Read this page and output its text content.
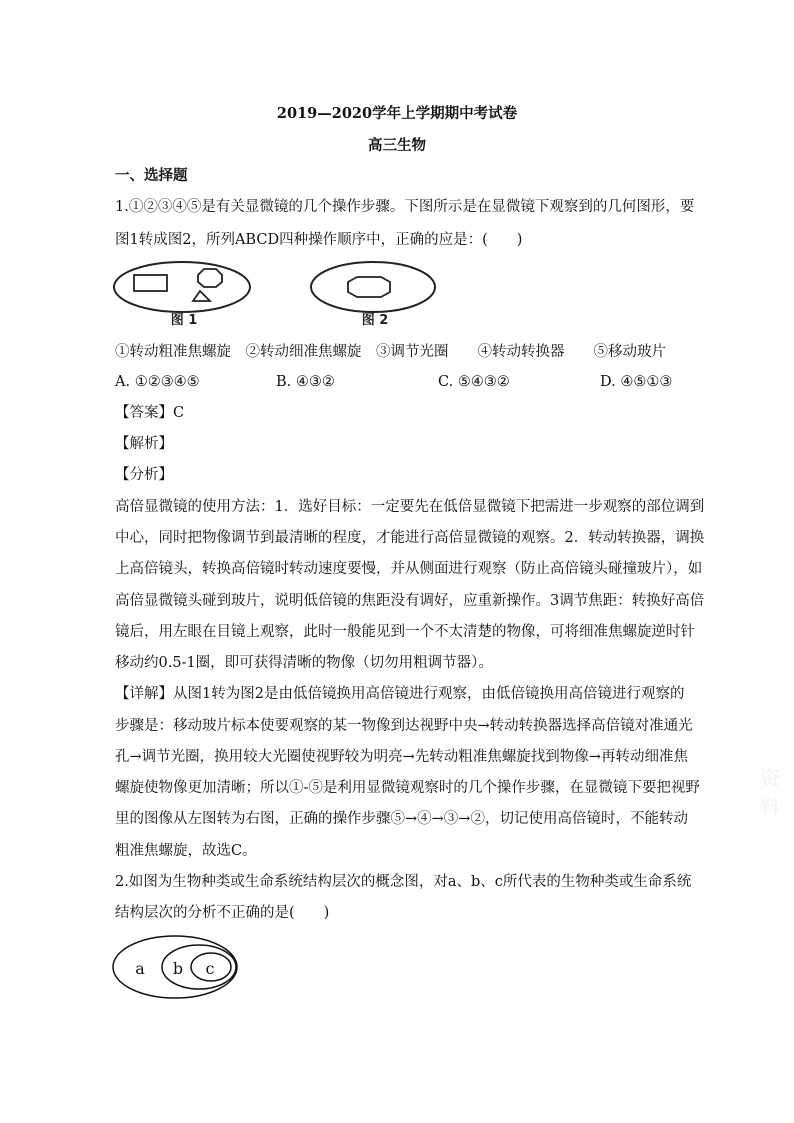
2019—2020学年上学期期中考试卷
高三生物
一、选择题
1.①②③④⑤是有关显微镜的几个操作步骤。下图所示是在显微镜下观察到的几何图形，要
图1转成图2，所列ABCD四种操作顺序中，正确的应是：(　　)
图 1	图 2
①转动粗准焦螺旋　②转动细准焦螺旋　③调节光圈　　④转动转换器　　⑤移动玻片
A. ①②③④⑤	B. ④③②	C. ⑤④③②	D. ④⑤①③
【答案】C
【解析】
【分析】
高倍显微镜的使用方法：1．选好目标：一定要先在低倍显微镜下把需进一步观察的部位调到
中心，同时把物像调节到最清晰的程度，才能进行高倍显微镜的观察。2．转动转换器，调换
上高倍镜头，转换高倍镜时转动速度要慢，并从侧面进行观察（防止高倍镜头碰撞玻片），如
高倍显微镜头碰到玻片，说明低倍镜的焦距没有调好，应重新操作。3调节焦距：转换好高倍
镜后，用左眼在目镜上观察，此时一般能见到一个不太清楚的物像，可将细准焦螺旋逆时针
移动约0.5-1圈，即可获得清晰的物像（切勿用粗调节器）。
【详解】从图1转为图2是由低倍镜换用高倍镜进行观察，由低倍镜换用高倍镜进行观察的
步骤是：移动玻片标本使要观察的某一物像到达视野中央→转动转换器选择高倍镜对准通光
孔→调节光圈，换用较大光圈使视野较为明亮→先转动粗准焦螺旋找到物像→再转动细准焦
螺旋使物像更加清晰；所以①-⑤是利用显微镜观察时的几个操作步骤，在显微镜下要把视野
里的图像从左图转为右图，正确的操作步骤⑤→④→③→②，切记使用高倍镜时，不能转动
粗准焦螺旋，故选C。
2.如图为生物种类或生命系统结构层次的概念图，对a、b、c所代表的生物种类或生命系统
结构层次的分析不正确的是(　　)
a b c
资料
